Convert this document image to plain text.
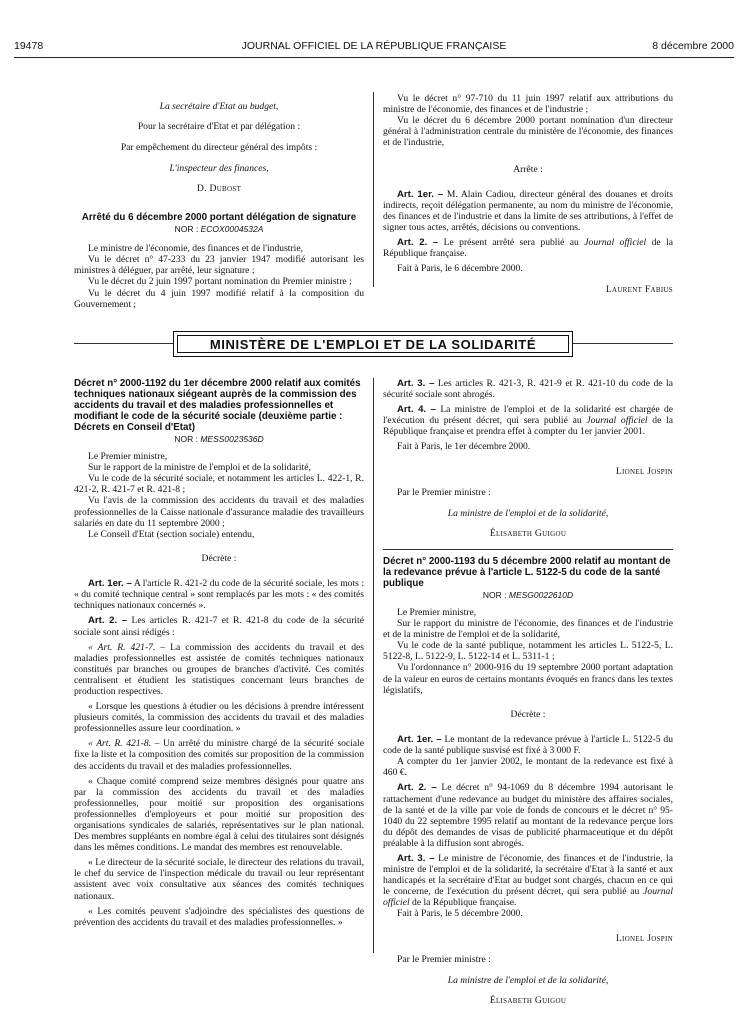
19478	JOURNAL OFFICIEL DE LA RÉPUBLIQUE FRANÇAISE	8 décembre 2000

La secrétaire d'Etat au budget,

Pour la secrétaire d'Etat et par délégation :

Par empêchement du directeur général des impôts :

L'inspecteur des finances,

D. Dubost

Arrêté du 6 décembre 2000 portant délégation de signature

NOR : ECOX0004532A

Le ministre de l'économie, des finances et de l'industrie,

Vu le décret n° 47-233 du 23 janvier 1947 modifié autorisant les ministres à déléguer, par arrêté, leur signature ;

Vu le décret du 2 juin 1997 portant nomination du Premier ministre ;

Vu le décret du 4 juin 1997 modifié relatif à la composition du Gouvernement ;

Vu le décret n° 97-710 du 11 juin 1997 relatif aux attributions du ministre de l'économie, des finances et de l'industrie ;

Vu le décret du 6 décembre 2000 portant nomination d'un directeur général à l'administration centrale du ministère de l'économie, des finances et de l'industrie,

Arrête :

Art. 1er. – M. Alain Cadiou, directeur général des douanes et droits indirects, reçoit délégation permanente, au nom du ministre de l'économie, des finances et de l'industrie et dans la limite de ses attributions, à l'effet de signer tous actes, arrêtés, décisions ou conventions.

Art. 2. – Le présent arrêté sera publié au Journal officiel de la République française.

Fait à Paris, le 6 décembre 2000.

Laurent Fabius

MINISTÈRE DE L'EMPLOI ET DE LA SOLIDARITÉ

Décret n° 2000-1192 du 1er décembre 2000 relatif aux comités techniques nationaux siégeant auprès de la commission des accidents du travail et des maladies professionnelles et modifiant le code de la sécurité sociale (deuxième partie : Décrets en Conseil d'Etat)

NOR : MESS0023536D

Le Premier ministre,

Sur le rapport de la ministre de l'emploi et de la solidarité,

Vu le code de la sécurité sociale, et notamment les articles L. 422-1, R. 421-2, R. 421-7 et R. 421-8 ;

Vu l'avis de la commission des accidents du travail et des maladies professionnelles de la Caisse nationale d'assurance maladie des travailleurs salariés en date du 11 septembre 2000 ;

Le Conseil d'Etat (section sociale) entendu,

Décrète :

Art. 1er. – A l'article R. 421-2 du code de la sécurité sociale, les mots : « du comité technique central » sont remplacés par les mots : « des comités techniques nationaux concernés ».

Art. 2. – Les articles R. 421-7 et R. 421-8 du code de la sécurité sociale sont ainsi rédigés :

« Art. R. 421-7. – La commission des accidents du travail et des maladies professionnelles est assistée de comités techniques nationaux constitués par branches ou groupes de branches d'activité. Ces comités centralisent et étudient les statistiques concernant leurs branches de production respectives.

« Lorsque les questions à étudier ou les décisions à prendre intéressent plusieurs comités, la commission des accidents du travail et des maladies professionnelles assure leur coordination. »

« Art. R. 421-8. – Un arrêté du ministre chargé de la sécurité sociale fixe la liste et la composition des comités sur proposition de la commission des accidents du travail et des maladies professionnelles.

« Chaque comité comprend seize membres désignés pour quatre ans par la commission des accidents du travail et des maladies professionnelles, pour moitié sur proposition des organisations professionnelles d'employeurs et pour moitié sur proposition des organisations syndicales de salariés, représentatives sur le plan national. Des membres suppléants en nombre égal à celui des titulaires sont désignés dans les mêmes conditions. Le mandat des membres est renouvelable.

« Le directeur de la sécurité sociale, le directeur des relations du travail, le chef du service de l'inspection médicale du travail ou leur représentant assistent avec voix consultative aux séances des comités techniques nationaux.

« Les comités peuvent s'adjoindre des spécialistes des questions de prévention des accidents du travail et des maladies professionnelles. »

Art. 3. – Les articles R. 421-3, R. 421-9 et R. 421-10 du code de la sécurité sociale sont abrogés.

Art. 4. – La ministre de l'emploi et de la solidarité est chargée de l'exécution du présent décret, qui sera publié au Journal officiel de la République française et prendra effet à compter du 1er janvier 2001.

Fait à Paris, le 1er décembre 2000.

Lionel Jospin

Par le Premier ministre :

La ministre de l'emploi et de la solidarité,

Élisabeth Guigou

Décret n° 2000-1193 du 5 décembre 2000 relatif au montant de la redevance prévue à l'article L. 5122-5 du code de la santé publique

NOR : MESG0022610D

Le Premier ministre,

Sur le rapport du ministre de l'économie, des finances et de l'industrie et de la ministre de l'emploi et de la solidarité,

Vu le code de la santé publique, notamment les articles L. 5122-5, L. 5122-8, L. 5122-9, L. 5122-14 et L. 5311-1 ;

Vu l'ordonnance n° 2000-916 du 19 septembre 2000 portant adaptation de la valeur en euros de certains montants évoqués en francs dans les textes législatifs,

Décrète :

Art. 1er. – Le montant de la redevance prévue à l'article L. 5122-5 du code de la santé publique susvisé est fixé à 3 000 F.

A compter du 1er janvier 2002, le montant de la redevance est fixé à 460 €.

Art. 2. – Le décret n° 94-1069 du 8 décembre 1994 autorisant le rattachement d'une redevance au budget du ministère des affaires sociales, de la santé et de la ville par voie de fonds de concours et le décret n° 95-1040 du 22 septembre 1995 relatif au montant de la redevance perçue lors du dépôt des demandes de visas de publicité pharmaceutique et du dépôt préalable à la diffusion sont abrogés.

Art. 3. – Le ministre de l'économie, des finances et de l'industrie, la ministre de l'emploi et de la solidarité, la secrétaire d'Etat à la santé et aux handicapés et la secrétaire d'Etat au budget sont chargés, chacun en ce qui le concerne, de l'exécution du présent décret, qui sera publié au Journal officiel de la République française.

Fait à Paris, le 5 décembre 2000.

Lionel Jospin

Par le Premier ministre :

La ministre de l'emploi et de la solidarité,

Élisabeth Guigou
